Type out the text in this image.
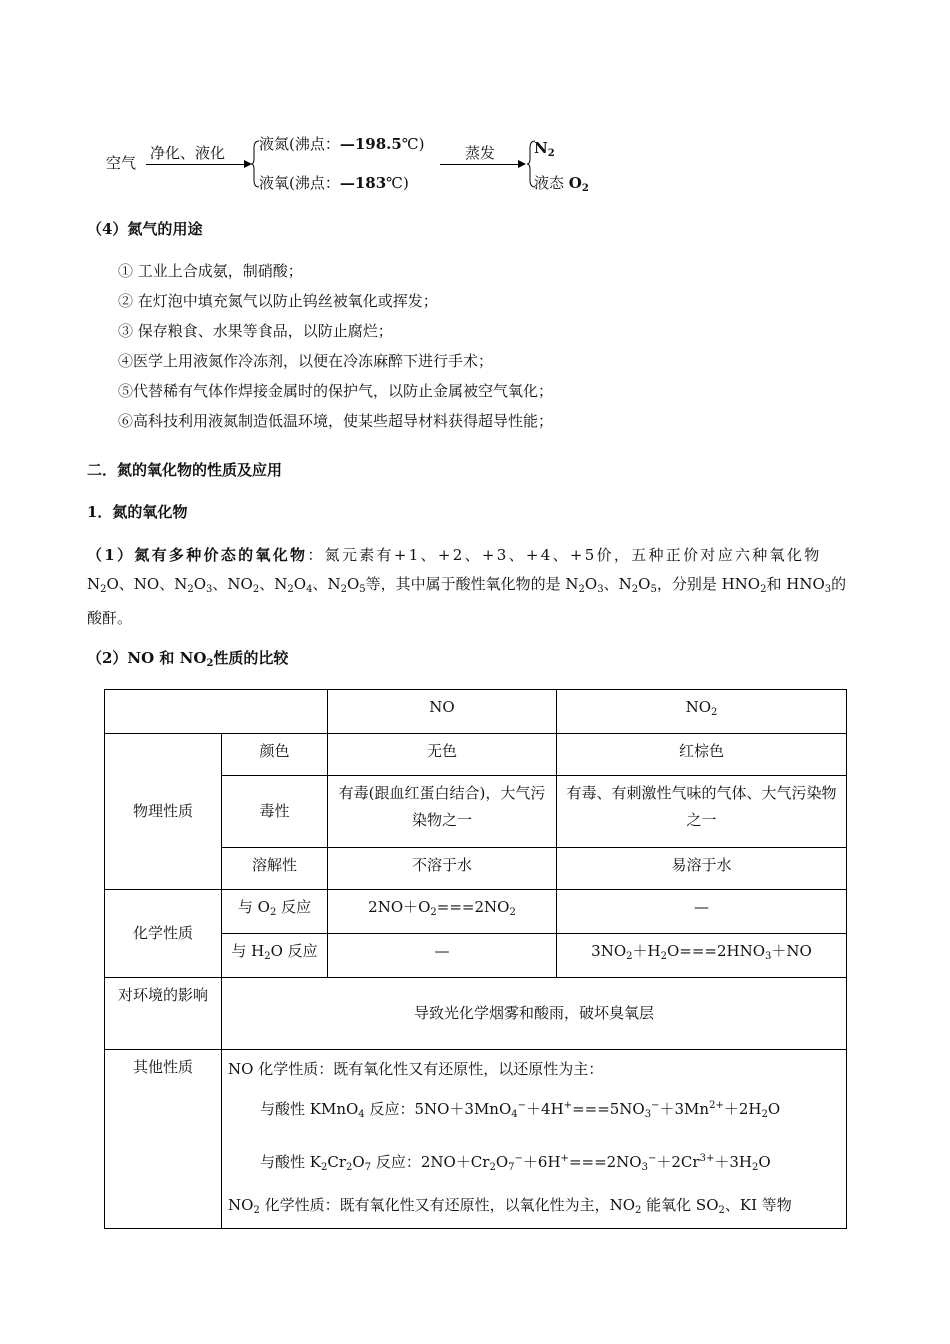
空气
净化、液化 液氮(沸点：—198.5℃)
液氧(沸点：—183℃)
蒸发	$N_2$
液态 $O_2$
（4）氮气的用途
① 工业上合成氨，制硝酸；
② 在灯泡中填充氮气以防止钨丝被氧化或挥发；
③ 保存粮食、水果等食品，以防止腐烂；
④医学上用液氮作冷冻剂，以便在冷冻麻醉下进行手术；
⑤代替稀有气体作焊接金属时的保护气，以防止金属被空气氧化；
⑥高科技利用液氮制造低温环境，使某些超导材料获得超导性能；
二．氮的氧化物的性质及应用
1．氮的氧化物
（1）氮有多种价态的氧化物：氮元素有+1、+2、+3、+4、+5价，五种正价对应六种氧化物
$N_2O$、NO、$N_2O_3$、$NO_2$、$N_2O_4$、$N_2O_5$等，其中属于酸性氧化物的是 $N_2O_3$、$N_2O_5$，分别是 $HNO_2$和 $HNO_3$的
酸酐。
（2）NO 和 $NO_2$性质的比较
		NO	$NO_2$
物理性质	颜色	无色	红棕色
	毒性	有毒(跟血红蛋白结合)，大气污染物之一	有毒、有刺激性气味的气体、大气污染物之一
	溶解性	不溶于水	易溶于水
化学性质	与 $O_2$ 反应	$2NO+O_2===2NO_2$	—
	与 $H_2O$ 反应	—	$3NO_2+H_2O===2HNO_3+NO$
对环境的影响	导致光化学烟雾和酸雨，破坏臭氧层		
其他性质	NO 化学性质：既有氧化性又有还原性，以还原性为主：
与酸性 KMnO$_4$ 反应：$5NO+3MnO_4^-+4H^+===5NO_3^-+3Mn^{2+}+2H_2O$
与酸性 $K_2Cr_2O_7$ 反应：$2NO+Cr_2O_7^-+6H^+===2NO_3^-+2Cr^{3+}+3H_2O$
$NO_2$ 化学性质：既有氧化性又有还原性，以氧化性为主，$NO_2$ 能氧化 $SO_2$、KI 等物		
